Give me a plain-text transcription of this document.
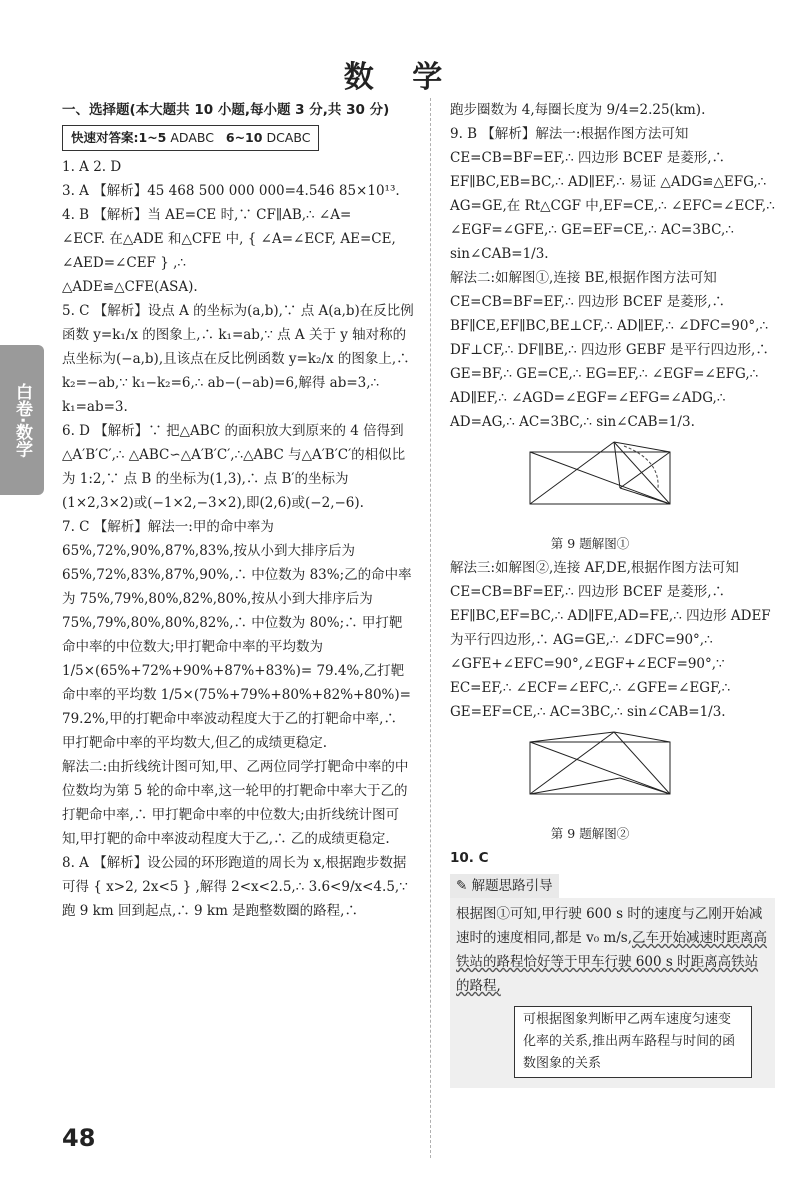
数 学
白卷·数学

一、选择题(本大题共 10 小题,每小题 3 分,共 30 分)

快速对答案:1~5 ADABC 6~10 DCABC

1. A 2. D

3. A 【解析】45 468 500 000 000=4.546 85×10¹³.

4. B 【解析】当 AE=CE 时,∵ CF∥AB,∴ ∠A=

∠ECF. 在△ADE 和△CFE 中, { ∠A=∠ECF, AE=CE, ∠AED=∠CEF } ,∴

△ADE≌△CFE(ASA).

5. C 【解析】设点 A 的坐标为(a,b),∵ 点 A(a,b)在反比例函数 y=k₁/x 的图象上,∴ k₁=ab,∵ 点 A 关于 y 轴对称的点坐标为(−a,b),且该点在反比例函数 y=k₂/x 的图象上,∴ k₂=−ab,∵ k₁−k₂=6,∴ ab−(−ab)=6,解得 ab=3,∴ k₁=ab=3.

6. D 【解析】∵ 把△ABC 的面积放大到原来的 4 倍得到△A′B′C′,∴ △ABC∽△A′B′C′,∴△ABC 与△A′B′C′的相似比为 1:2,∵ 点 B 的坐标为(1,3),∴ 点 B′的坐标为(1×2,3×2)或(−1×2,−3×2),即(2,6)或(−2,−6).

7. C 【解析】解法一:甲的命中率为 65%,72%,90%,87%,83%,按从小到大排序后为 65%,72%,83%,87%,90%,∴ 中位数为 83%;乙的命中率为 75%,79%,80%,82%,80%,按从小到大排序后为 75%,79%,80%,80%,82%,∴ 中位数为 80%;∴ 甲打靶命中率的中位数大;甲打靶命中率的平均数为 1/5×(65%+72%+90%+87%+83%)= 79.4%,乙打靶命中率的平均数 1/5×(75%+79%+80%+82%+80%)= 79.2%,甲的打靶命中率波动程度大于乙的打靶命中率,∴ 甲打靶命中率的平均数大,但乙的成绩更稳定.

解法二:由折线统计图可知,甲、乙两位同学打靶命中率的中位数均为第 5 轮的命中率,这一轮甲的打靶命中率大于乙的打靶命中率,∴ 甲打靶命中率的中位数大;由折线统计图可知,甲打靶的命中率波动程度大于乙,∴ 乙的成绩更稳定.

8. A 【解析】设公园的环形跑道的周长为 x,根据跑步数据可得 { x>2, 2x<5 } ,解得 2<x<2.5,∴ 3.6<9/x<4.5,∵ 跑 9 km 回到起点,∴ 9 km 是跑整数圈的路程,∴

跑步圈数为 4,每圈长度为 9/4=2.25(km).

9. B 【解析】解法一:根据作图方法可知 CE=CB=BF=EF,∴ 四边形 BCEF 是菱形,∴ EF∥BC,EB=BC,∴ AD∥EF,∴ 易证 △ADG≌△EFG,∴ AG=GE,在 Rt△CGF 中,EF=CE,∴ ∠EFC=∠ECF,∴ ∠EGF=∠GFE,∴ GE=EF=CE,∴ AC=3BC,∴ sin∠CAB=1/3.

解法二:如解图①,连接 BE,根据作图方法可知 CE=CB=BF=EF,∴ 四边形 BCEF 是菱形,∴ BF∥CE,EF∥BC,BE⊥CF,∴ AD∥EF,∴ ∠DFC=90°,∴ DF⊥CF,∴ DF∥BE,∴ 四边形 GEBF 是平行四边形,∴ GE=BF,∴ GE=CE,∴ EG=EF,∴ ∠EGF=∠EFG,∴ AD∥EF,∴ ∠AGD=∠EGF=∠EFG=∠ADG,∴ AD=AG,∴ AC=3BC,∴ sin∠CAB=1/3.

第 9 题解图①

解法三:如解图②,连接 AF,DE,根据作图方法可知 CE=CB=BF=EF,∴ 四边形 BCEF 是菱形,∴ EF∥BC,EF=BC,∴ AD∥FE,AD=FE,∴ 四边形 ADEF 为平行四边形,∴ AG=GE,∴ ∠DFC=90°,∴ ∠GFE+∠EFC=90°,∠EGF+∠ECF=90°,∵ EC=EF,∴ ∠ECF=∠EFC,∴ ∠GFE=∠EGF,∴ GE=EF=CE,∴ AC=3BC,∴ sin∠CAB=1/3.

第 9 题解图②

10. C

✎ 解题思路引导
根据图①可知,甲行驶 600 s 时的速度与乙刚开始减速时的速度相同,都是 v₀ m/s,乙车开始减速时距离高铁站的路程恰好等于甲车行驶 600 s 时距离高铁站的路程,
可根据图象判断甲乙两车速度匀速变化率的关系,推出两车路程与时间的函数图象的关系
48
